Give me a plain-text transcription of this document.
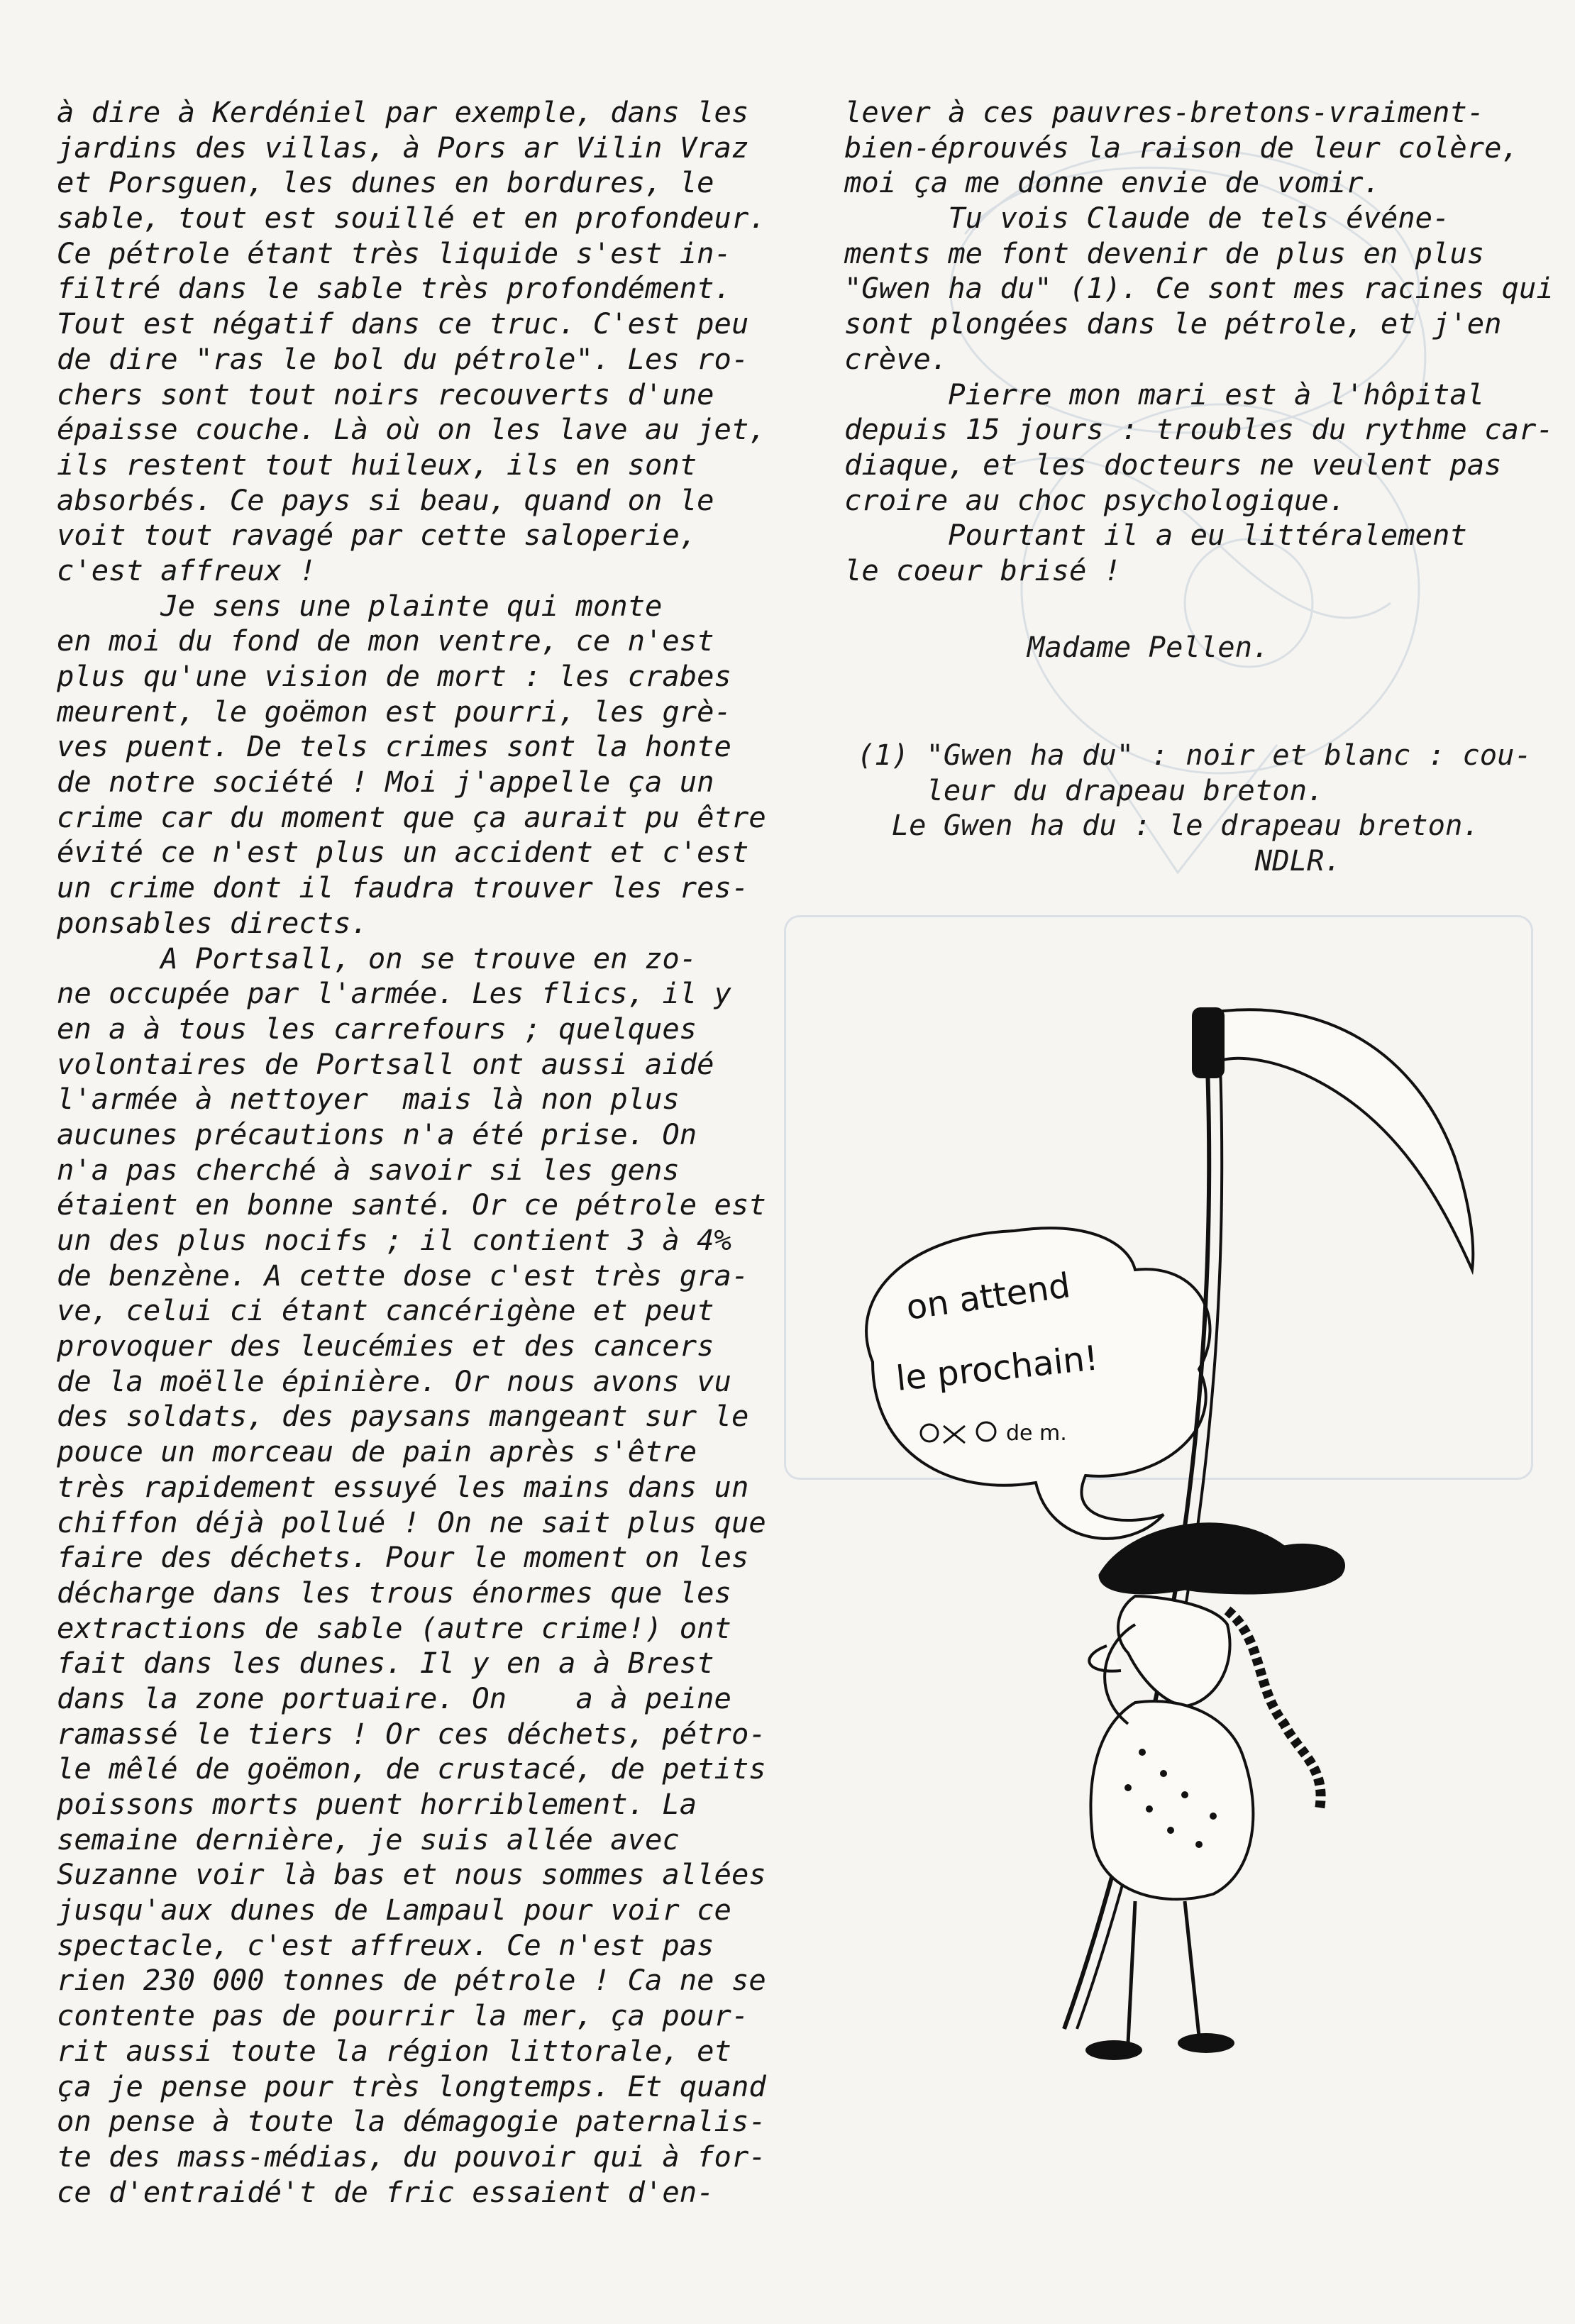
à dire à Kerdéniel par exemple, dans les
jardins des villas, à Pors ar Vilin Vraz
et Porsguen, les dunes en bordures, le
sable, tout est souillé et en profondeur.
Ce pétrole étant très liquide s'est in-
filtré dans le sable très profondément.
Tout est négatif dans ce truc. C'est peu
de dire "ras le bol du pétrole". Les ro-
chers sont tout noirs recouverts d'une
épaisse couche. Là où on les lave au jet,
ils restent tout huileux, ils en sont
absorbés. Ce pays si beau, quand on le
voit tout ravagé par cette saloperie,
c'est affreux !
Je sens une plainte qui monte
en moi du fond de mon ventre, ce n'est
plus qu'une vision de mort : les crabes
meurent, le goëmon est pourri, les grè-
ves puent. De tels crimes sont la honte
de notre société ! Moi j'appelle ça un
crime car du moment que ça aurait pu être
évité ce n'est plus un accident et c'est
un crime dont il faudra trouver les res-
ponsables directs.
A Portsall, on se trouve en zo-
ne occupée par l'armée. Les flics, il y
en a à tous les carrefours ; quelques
volontaires de Portsall ont aussi aidé
l'armée à nettoyer  mais là non plus
aucunes précautions n'a été prise. On
n'a pas cherché à savoir si les gens
étaient en bonne santé. Or ce pétrole est
un des plus nocifs ; il contient 3 à 4%
de benzène. A cette dose c'est très gra-
ve, celui ci étant cancérigène et peut
provoquer des leucémies et des cancers
de la moëlle épinière. Or nous avons vu
des soldats, des paysans mangeant sur le
pouce un morceau de pain après s'être
très rapidement essuyé les mains dans un
chiffon déjà pollué ! On ne sait plus que
faire des déchets. Pour le moment on les
décharge dans les trous énormes que les
extractions de sable (autre crime!) ont
fait dans les dunes. Il y en a à Brest
dans la zone portuaire. On    a à peine
ramassé le tiers ! Or ces déchets, pétro-
le mêlé de goëmon, de crustacé, de petits
poissons morts puent horriblement. La
semaine dernière, je suis allée avec
Suzanne voir là bas et nous sommes allées
jusqu'aux dunes de Lampaul pour voir ce
spectacle, c'est affreux. Ce n'est pas
rien 230 000 tonnes de pétrole ! Ca ne se
contente pas de pourrir la mer, ça pour-
rit aussi toute la région littorale, et
ça je pense pour très longtemps. Et quand
on pense à toute la démagogie paternalis-
te des mass-médias, du pouvoir qui à for-
ce d'entraidé't de fric essaient d'en-
lever à ces pauvres-bretons-vraiment-
bien-éprouvés la raison de leur colère,
moi ça me donne envie de vomir.
Tu vois Claude de tels événe-
ments me font devenir de plus en plus
"Gwen ha du" (1). Ce sont mes racines qui
sont plongées dans le pétrole, et j'en
crève.
Pierre mon mari est à l'hôpital
depuis 15 jours : troubles du rythme car-
diaque, et les docteurs ne veulent pas
croire au choc psychologique.
Pourtant il a eu littéralement
le coeur brisé !
Madame Pellen.
(1) "Gwen ha du" : noir et blanc : cou-
leur du drapeau breton.
Le Gwen ha du : le drapeau breton.
NDLR.
on attend
le prochain!
de m.
